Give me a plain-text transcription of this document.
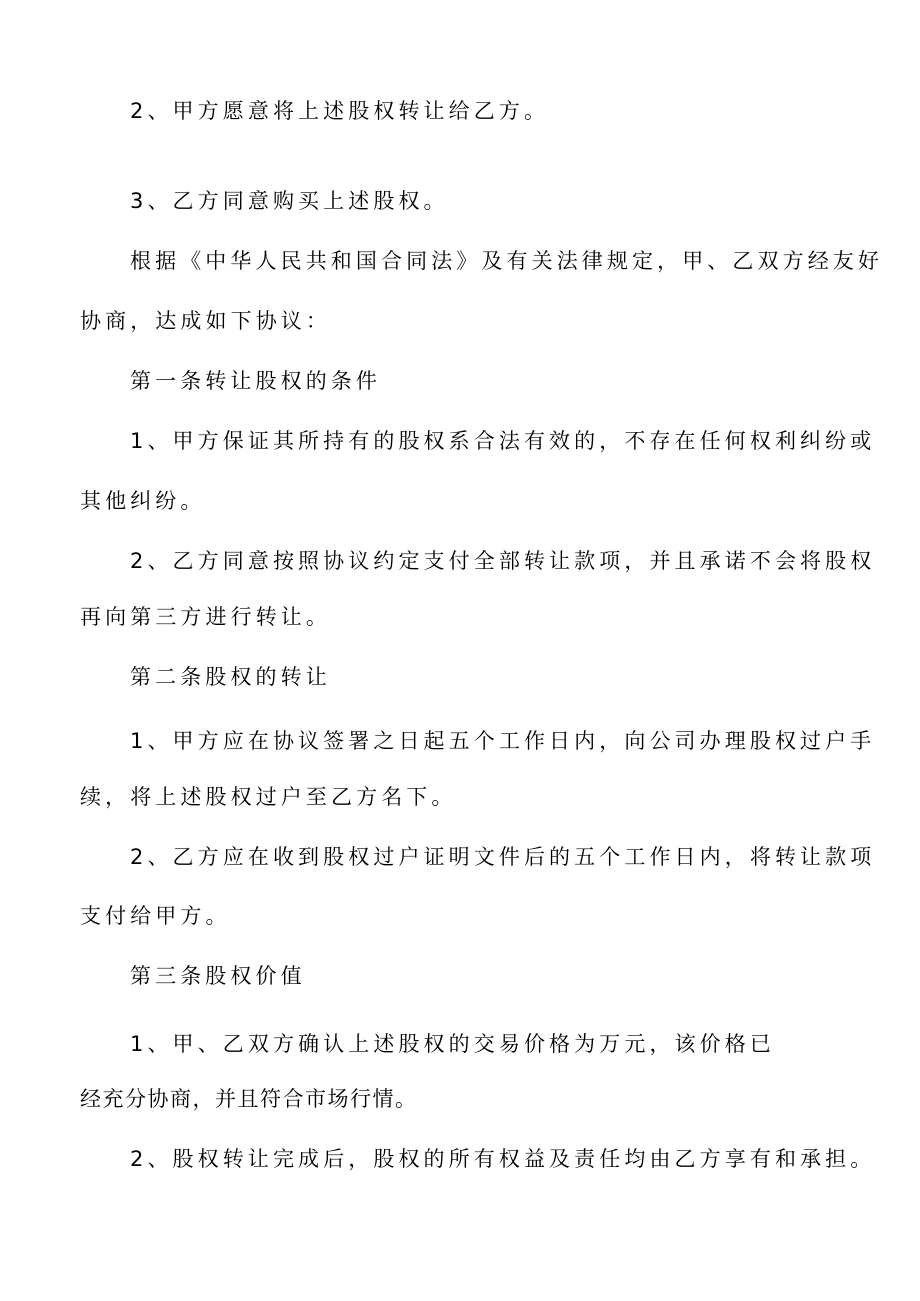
2、甲方愿意将上述股权转让给乙方。
3、乙方同意购买上述股权。
根据《中华人民共和国合同法》及有关法律规定，甲、乙双方经友好
协商，达成如下协议：
第一条转让股权的条件
1、甲方保证其所持有的股权系合法有效的，不存在任何权利纠纷或
其他纠纷。
2、乙方同意按照协议约定支付全部转让款项，并且承诺不会将股权
再向第三方进行转让。
第二条股权的转让
1、甲方应在协议签署之日起五个工作日内，向公司办理股权过户手
续，将上述股权过户至乙方名下。
2、乙方应在收到股权过户证明文件后的五个工作日内，将转让款项
支付给甲方。
第三条股权价值
1、甲、乙双方确认上述股权的交易价格为万元，该价格已
经充分协商，并且符合市场行情。
2、股权转让完成后，股权的所有权益及责任均由乙方享有和承担。
